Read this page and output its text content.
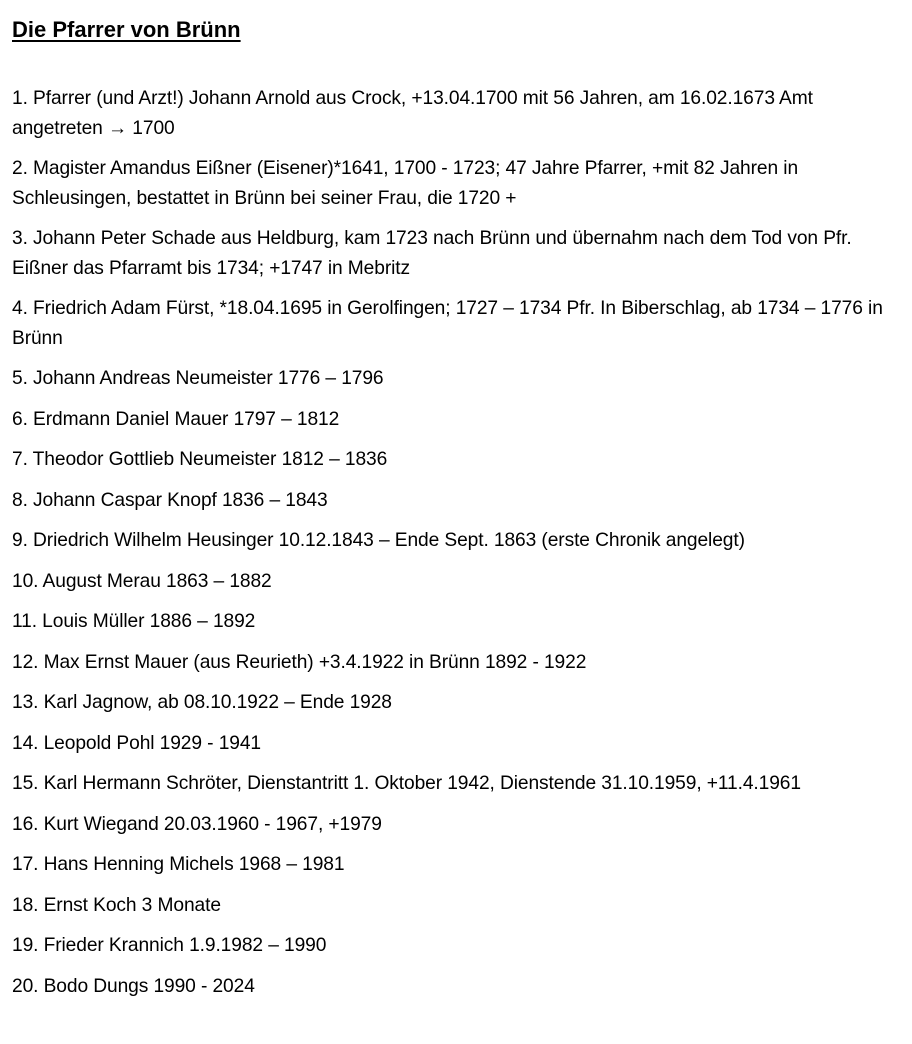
Die Pfarrer von Brünn
1. Pfarrer (und Arzt!) Johann Arnold aus Crock, +13.04.1700 mit 56 Jahren, am 16.02.1673 Amt angetreten → 1700
2. Magister Amandus Eißner (Eisener)*1641, 1700 - 1723; 47 Jahre Pfarrer, +mit 82 Jahren in Schleusingen, bestattet in Brünn bei seiner Frau, die 1720 +
3. Johann Peter Schade aus Heldburg, kam 1723 nach Brünn und übernahm nach dem Tod von Pfr. Eißner das Pfarramt bis 1734; +1747 in Mebritz
4. Friedrich Adam Fürst, *18.04.1695 in Gerolfingen; 1727 – 1734 Pfr. In Biberschlag, ab 1734 – 1776 in Brünn
5. Johann Andreas Neumeister 1776 – 1796
6. Erdmann Daniel Mauer 1797 – 1812
7. Theodor Gottlieb Neumeister 1812 – 1836
8. Johann Caspar Knopf 1836 – 1843
9. Driedrich Wilhelm Heusinger 10.12.1843 – Ende Sept. 1863 (erste Chronik angelegt)
10. August Merau 1863 – 1882
11. Louis Müller 1886 – 1892
12. Max Ernst Mauer (aus Reurieth) +3.4.1922 in Brünn 1892 - 1922
13. Karl Jagnow, ab 08.10.1922 – Ende 1928
14. Leopold Pohl 1929 - 1941
15. Karl Hermann Schröter, Dienstantritt 1. Oktober 1942, Dienstende 31.10.1959, +11.4.1961
16. Kurt Wiegand 20.03.1960 - 1967, +1979
17. Hans Henning Michels 1968 – 1981
18. Ernst Koch 3 Monate
19. Frieder Krannich 1.9.1982 – 1990
20. Bodo Dungs 1990 - 2024
